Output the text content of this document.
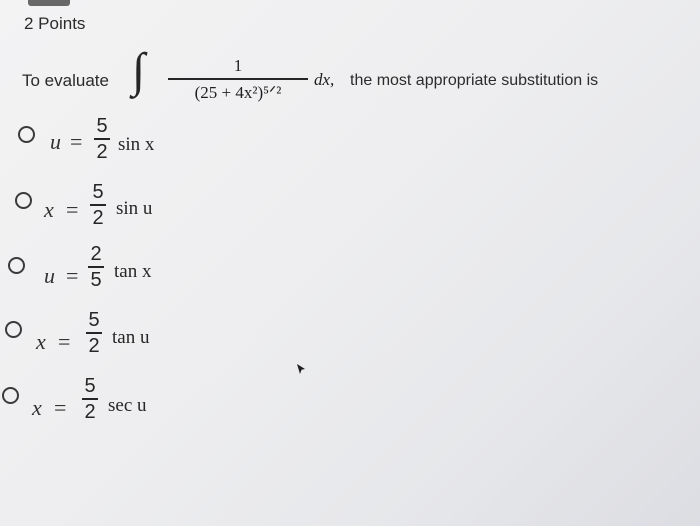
2 Points
To evaluate ∫	1
(25 + 4x²)⁵ᐟ²
dx, the most appropriate substitution is
u =
5
2 sin x
x =
5
2 sin u
u =
2
5 tan x
x =
5
2 tan u
x =
5
2 sec u
